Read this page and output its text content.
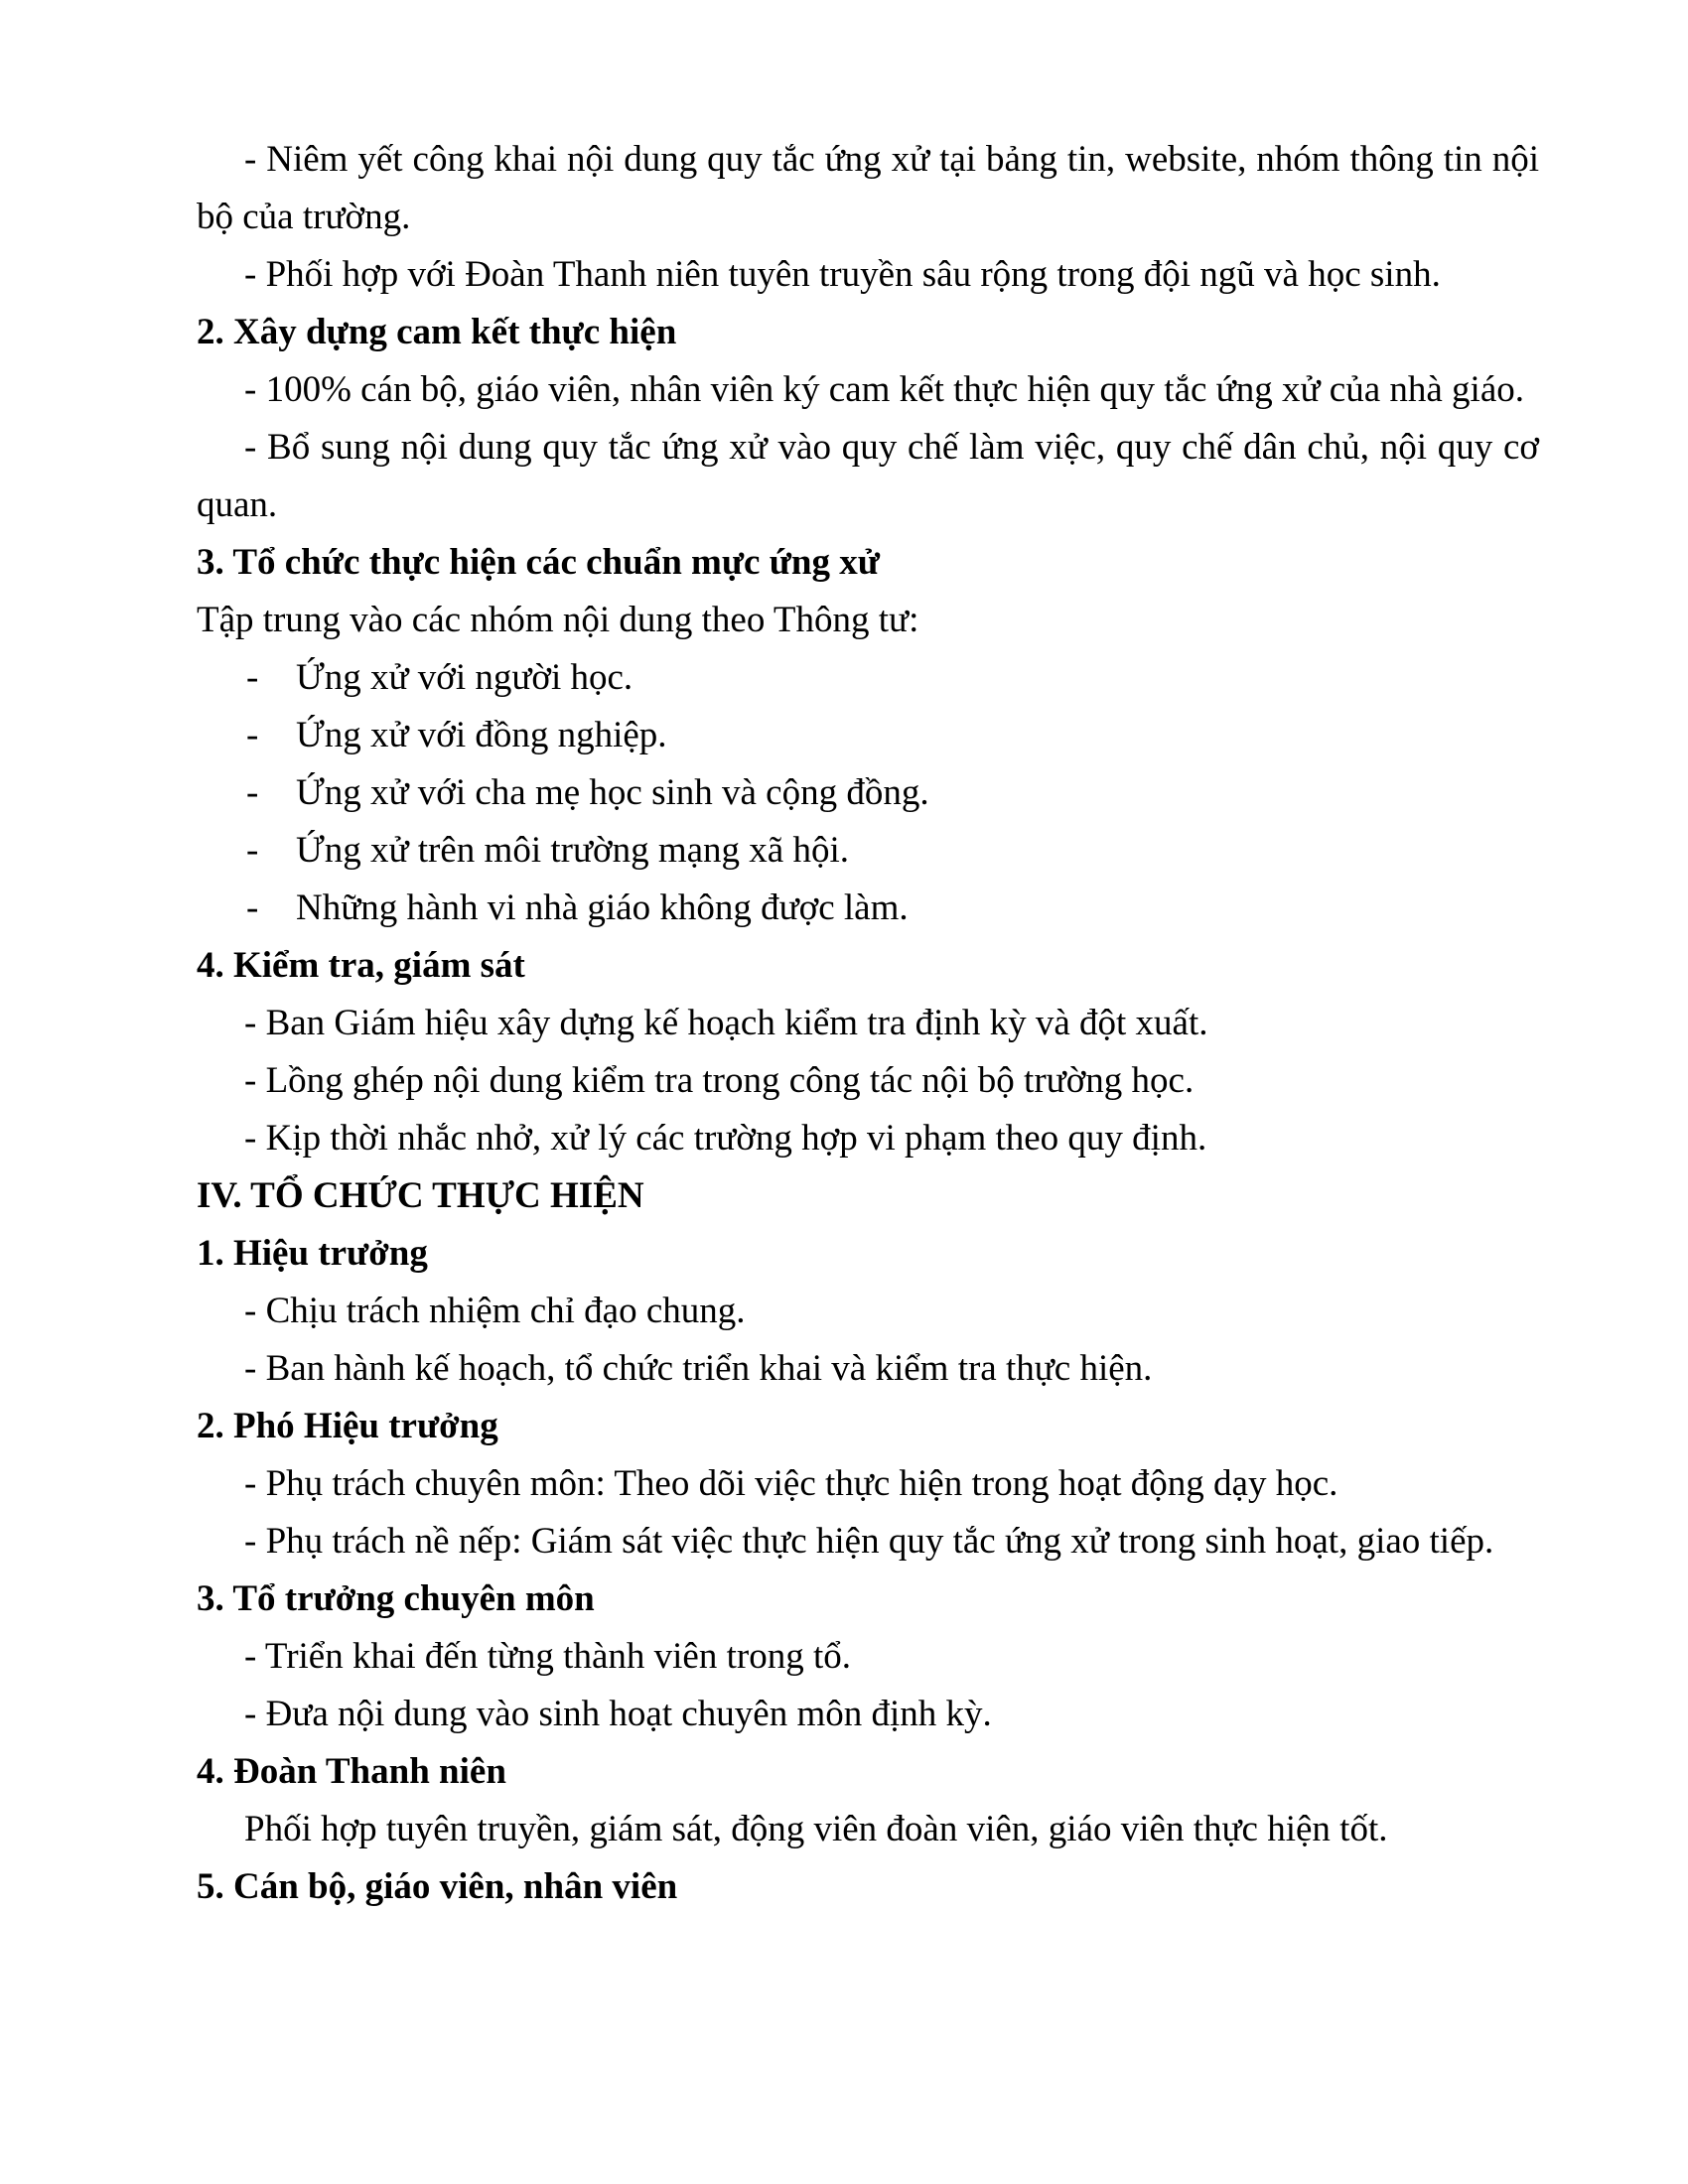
- Niêm yết công khai nội dung quy tắc ứng xử tại bảng tin, website, nhóm thông tin nội bộ của trường.

- Phối hợp với Đoàn Thanh niên tuyên truyền sâu rộng trong đội ngũ và học sinh.

2. Xây dựng cam kết thực hiện

- 100% cán bộ, giáo viên, nhân viên ký cam kết thực hiện quy tắc ứng xử của nhà giáo.

- Bổ sung nội dung quy tắc ứng xử vào quy chế làm việc, quy chế dân chủ, nội quy cơ quan.

3. Tổ chức thực hiện các chuẩn mực ứng xử

Tập trung vào các nhóm nội dung theo Thông tư:

- Ứng xử với người học.
- Ứng xử với đồng nghiệp.
- Ứng xử với cha mẹ học sinh và cộng đồng.
- Ứng xử trên môi trường mạng xã hội.
- Những hành vi nhà giáo không được làm.

4. Kiểm tra, giám sát

- Ban Giám hiệu xây dựng kế hoạch kiểm tra định kỳ và đột xuất.

- Lồng ghép nội dung kiểm tra trong công tác nội bộ trường học.

- Kịp thời nhắc nhở, xử lý các trường hợp vi phạm theo quy định.

IV. TỔ CHỨC THỰC HIỆN

1. Hiệu trưởng

- Chịu trách nhiệm chỉ đạo chung.

- Ban hành kế hoạch, tổ chức triển khai và kiểm tra thực hiện.

2. Phó Hiệu trưởng

- Phụ trách chuyên môn: Theo dõi việc thực hiện trong hoạt động dạy học.

- Phụ trách nề nếp: Giám sát việc thực hiện quy tắc ứng xử trong sinh hoạt, giao tiếp.

3. Tổ trưởng chuyên môn

- Triển khai đến từng thành viên trong tổ.

- Đưa nội dung vào sinh hoạt chuyên môn định kỳ.

4. Đoàn Thanh niên

Phối hợp tuyên truyền, giám sát, động viên đoàn viên, giáo viên thực hiện tốt.

5. Cán bộ, giáo viên, nhân viên
